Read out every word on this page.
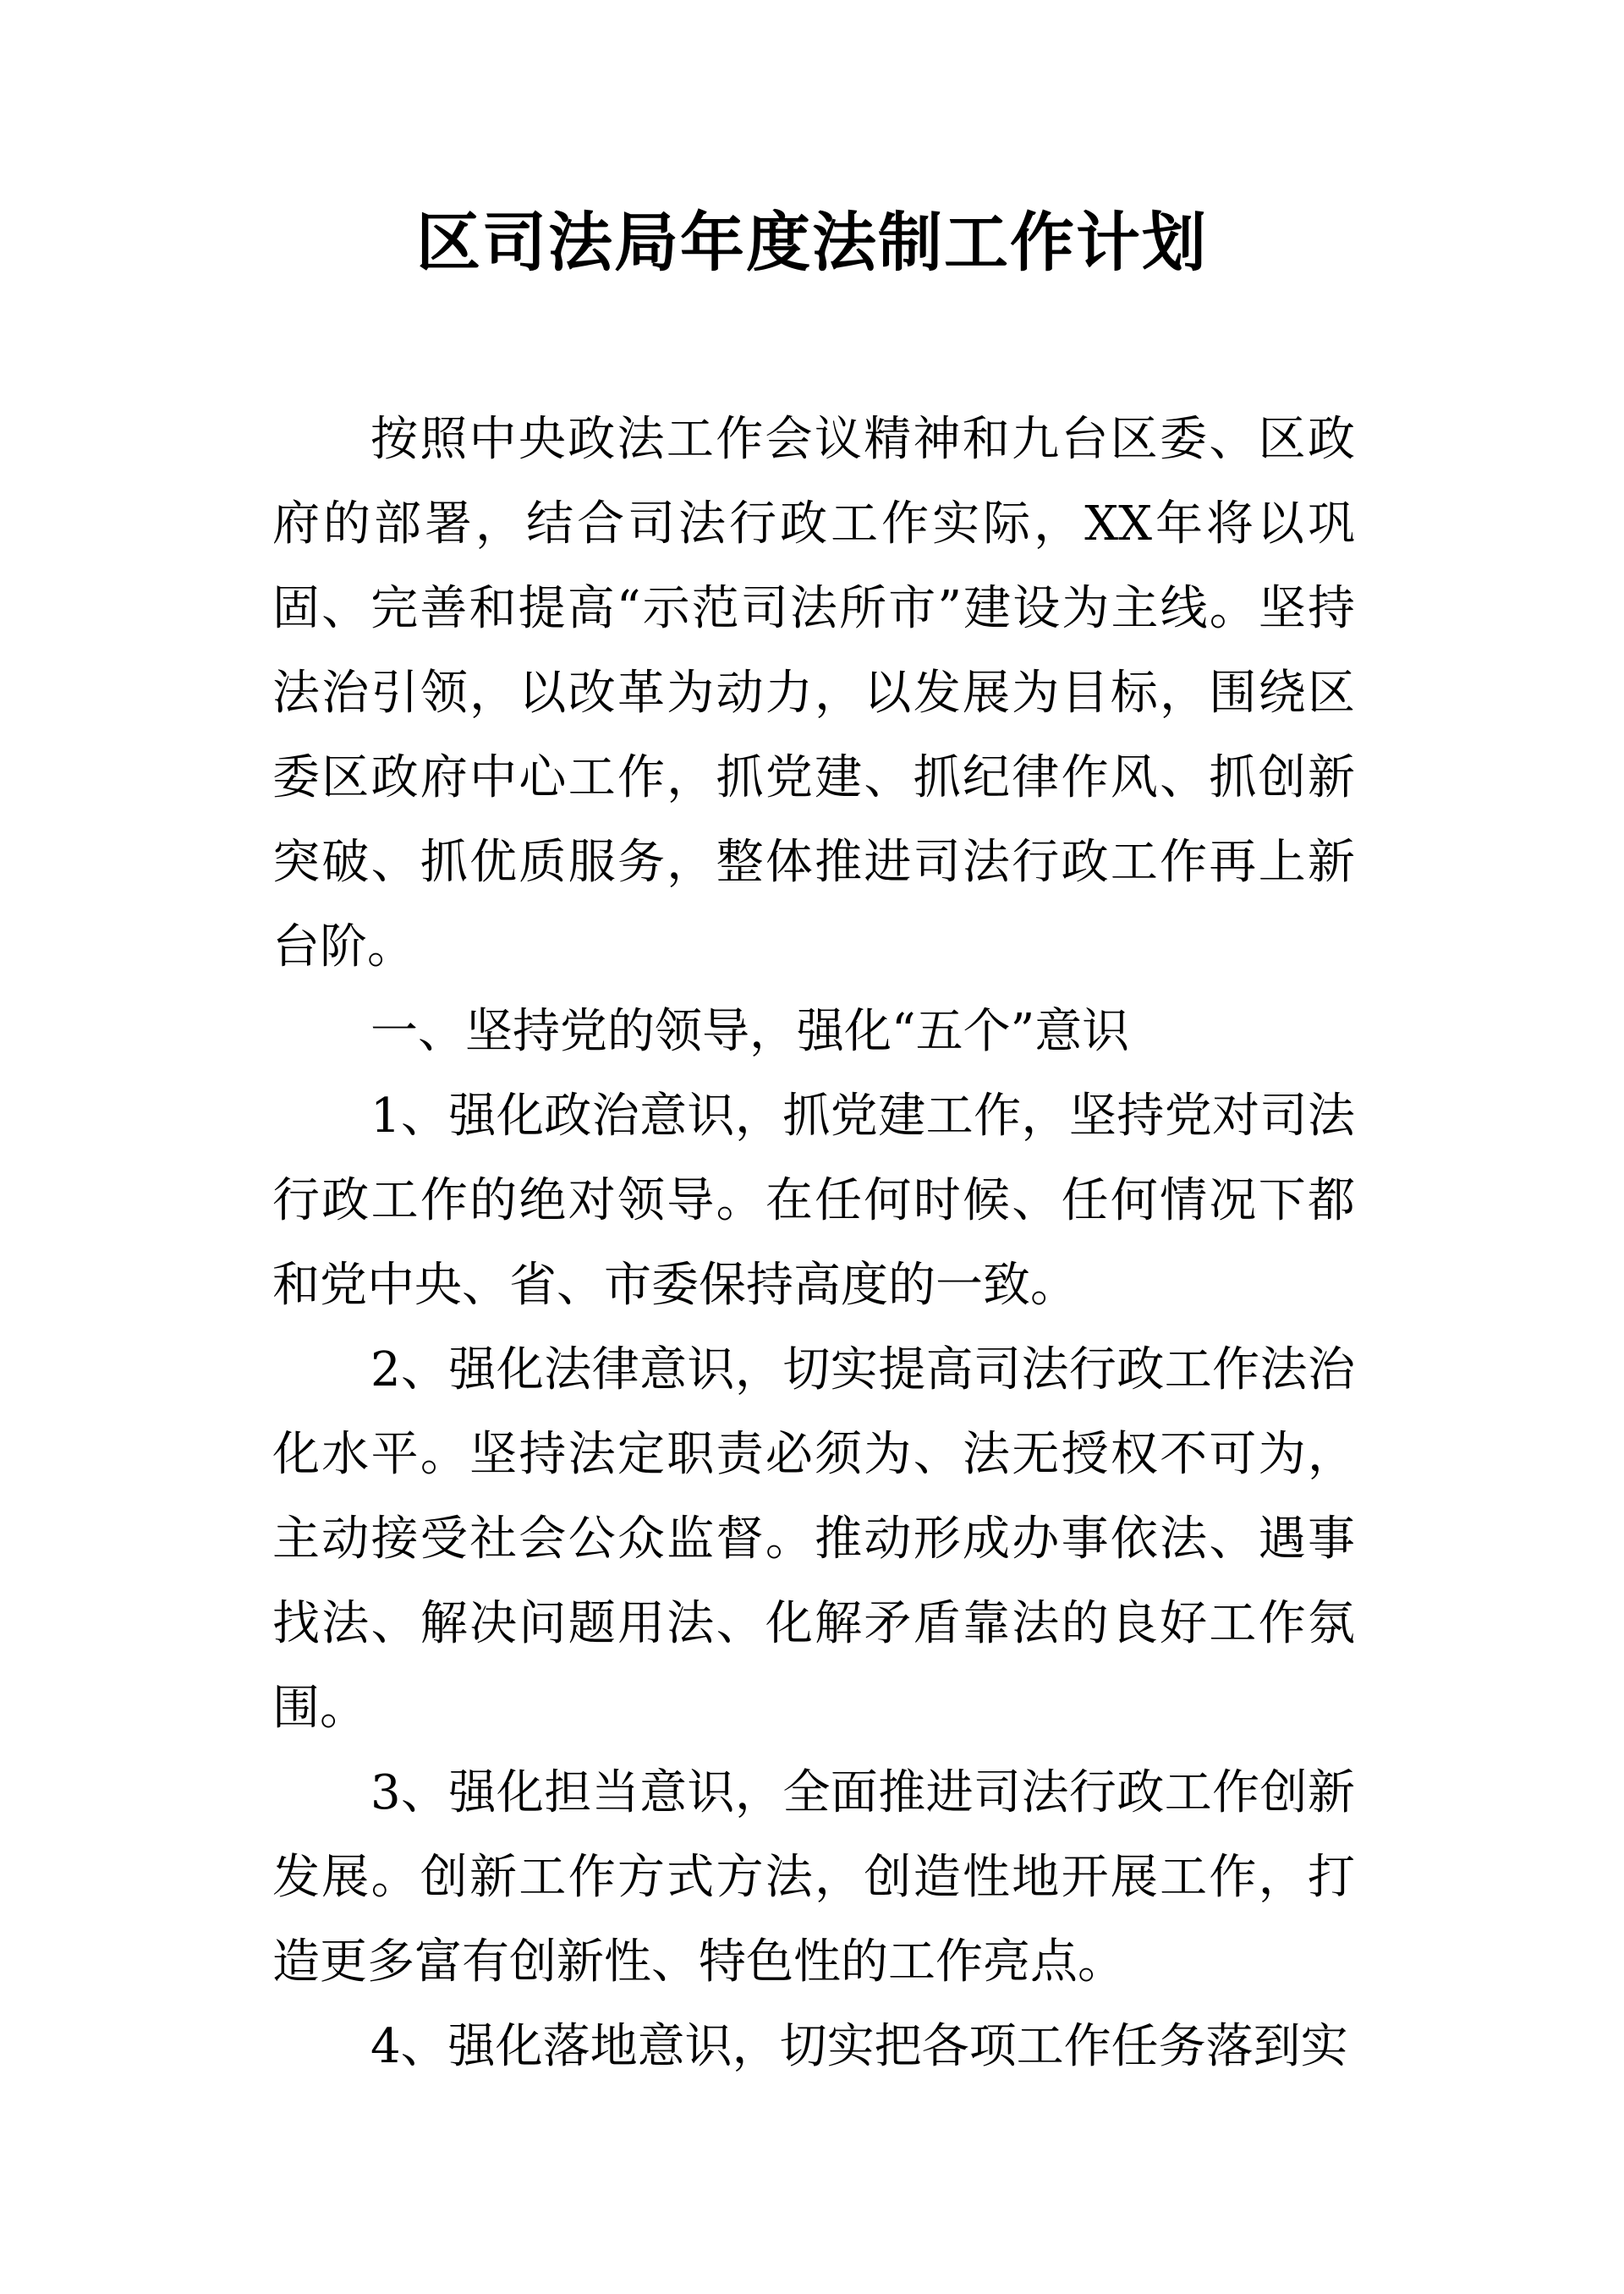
区司法局年度法制工作计划

按照中央政法工作会议精神和九台区委、区政府的部署，结合司法行政工作实际，XX年将以巩固、完善和提高“示范司法所市”建设为主线。坚持法治引领，以改革为动力，以发展为目标，围绕区委区政府中心工作，抓党建、抓纪律作风、抓创新突破、抓优质服务，整体推进司法行政工作再上新台阶。

一、坚持党的领导，强化“五个”意识

1、强化政治意识，抓党建工作，坚持党对司法行政工作的绝对领导。在任何时候、任何情况下都和党中央、省、市委保持高度的一致。

2、强化法律意识，切实提高司法行政工作法治化水平。坚持法定职责必须为、法无授权不可为，主动接受社会公众监督。推动形成办事依法、遇事找法、解决问题用法、化解矛盾靠法的良好工作氛围。

3、强化担当意识，全面推进司法行政工作创新发展。创新工作方式方法，创造性地开展工作，打造更多富有创新性、特色性的工作亮点。

4、强化落地意识，切实把各项工作任务落到实
